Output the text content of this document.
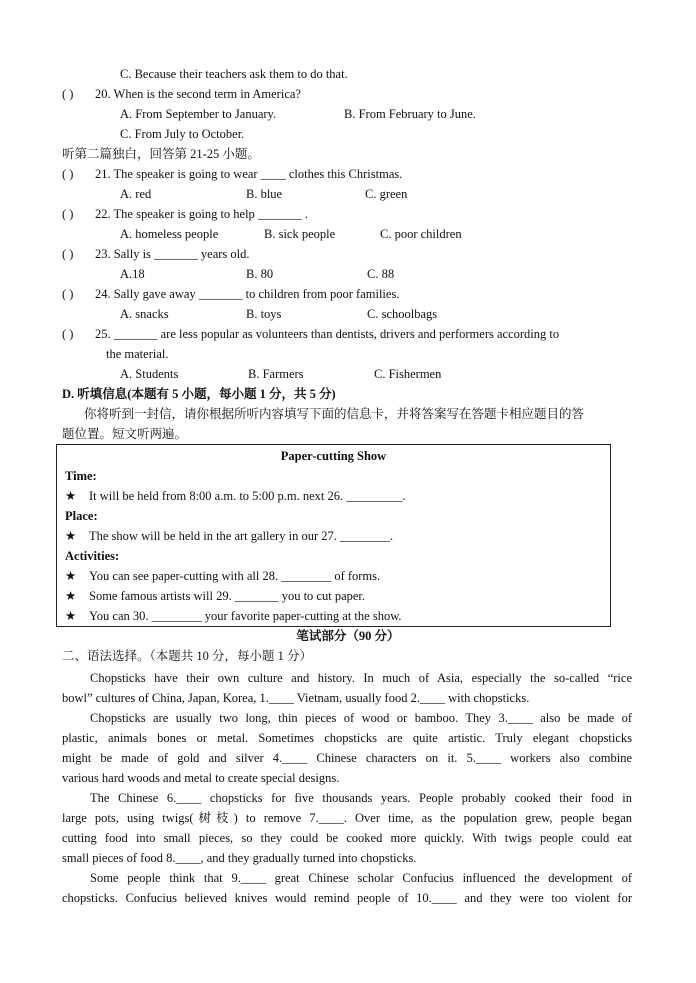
C. Because their teachers ask them to do that.
( ) 20. When is the second term in America?
A. From September to January.	B. From February to June.
C. From July to October.
听第二篇独白，回答第 21-25 小题。
( ) 21. The speaker is going to wear ____ clothes this Christmas.
A. red	B. blue	C. green
( ) 22. The speaker is going to help _______ .
A. homeless people	B. sick people	C. poor children
( ) 23. Sally is _______ years old.
A.18	B. 80	C. 88
( ) 24. Sally gave away _______ to children from poor families.
A. snacks	B. toys	C. schoolbags
( ) 25. _______ are less popular as volunteers than dentists, drivers and performers according to
the material.
A. Students	B. Farmers	C. Fishermen
D. 听填信息(本题有 5 小题，每小题 1 分，共 5 分)
你将听到一封信，请你根据所听内容填写下面的信息卡，并将答案写在答题卡相应题目的答
题位置。短文听两遍。
Paper-cutting Show
Time:
★ It will be held from 8:00 a.m. to 5:00 p.m. next 26. _________.
Place:
★ The show will be held in the art gallery in our 27. ________.
Activities:
★ You can see paper-cutting with all 28. ________ of forms.
★ Some famous artists will 29. _______ you to cut paper.
★ You can 30. ________ your favorite paper-cutting at the show.
笔试部分（90 分）
二、语法选择。（本题共 10 分，每小题 1 分）
Chopsticks have their own culture and history. In much of Asia, especially the so-called “rice
bowl” cultures of China, Japan, Korea, 1.____ Vietnam, usually food 2.____ with chopsticks.
Chopsticks are usually two long, thin pieces of wood or bamboo. They 3.____ also be made of
plastic, animals bones or metal. Sometimes chopsticks are quite artistic. Truly elegant chopsticks
might be made of gold and silver 4.____ Chinese characters on it. 5.____ workers also combine
various hard woods and metal to create special designs.
The Chinese 6.____ chopsticks for five thousands years. People probably cooked their food in
large pots, using twigs(树枝) to remove 7.____. Over time, as the population grew, people began
cutting food into small pieces, so they could be cooked more quickly. With twigs people could eat
small pieces of food 8.____, and they gradually turned into chopsticks.
Some people think that 9.____ great Chinese scholar Confucius influenced the development of
chopsticks. Confucius believed knives would remind people of 10.____ and they were too violent for
